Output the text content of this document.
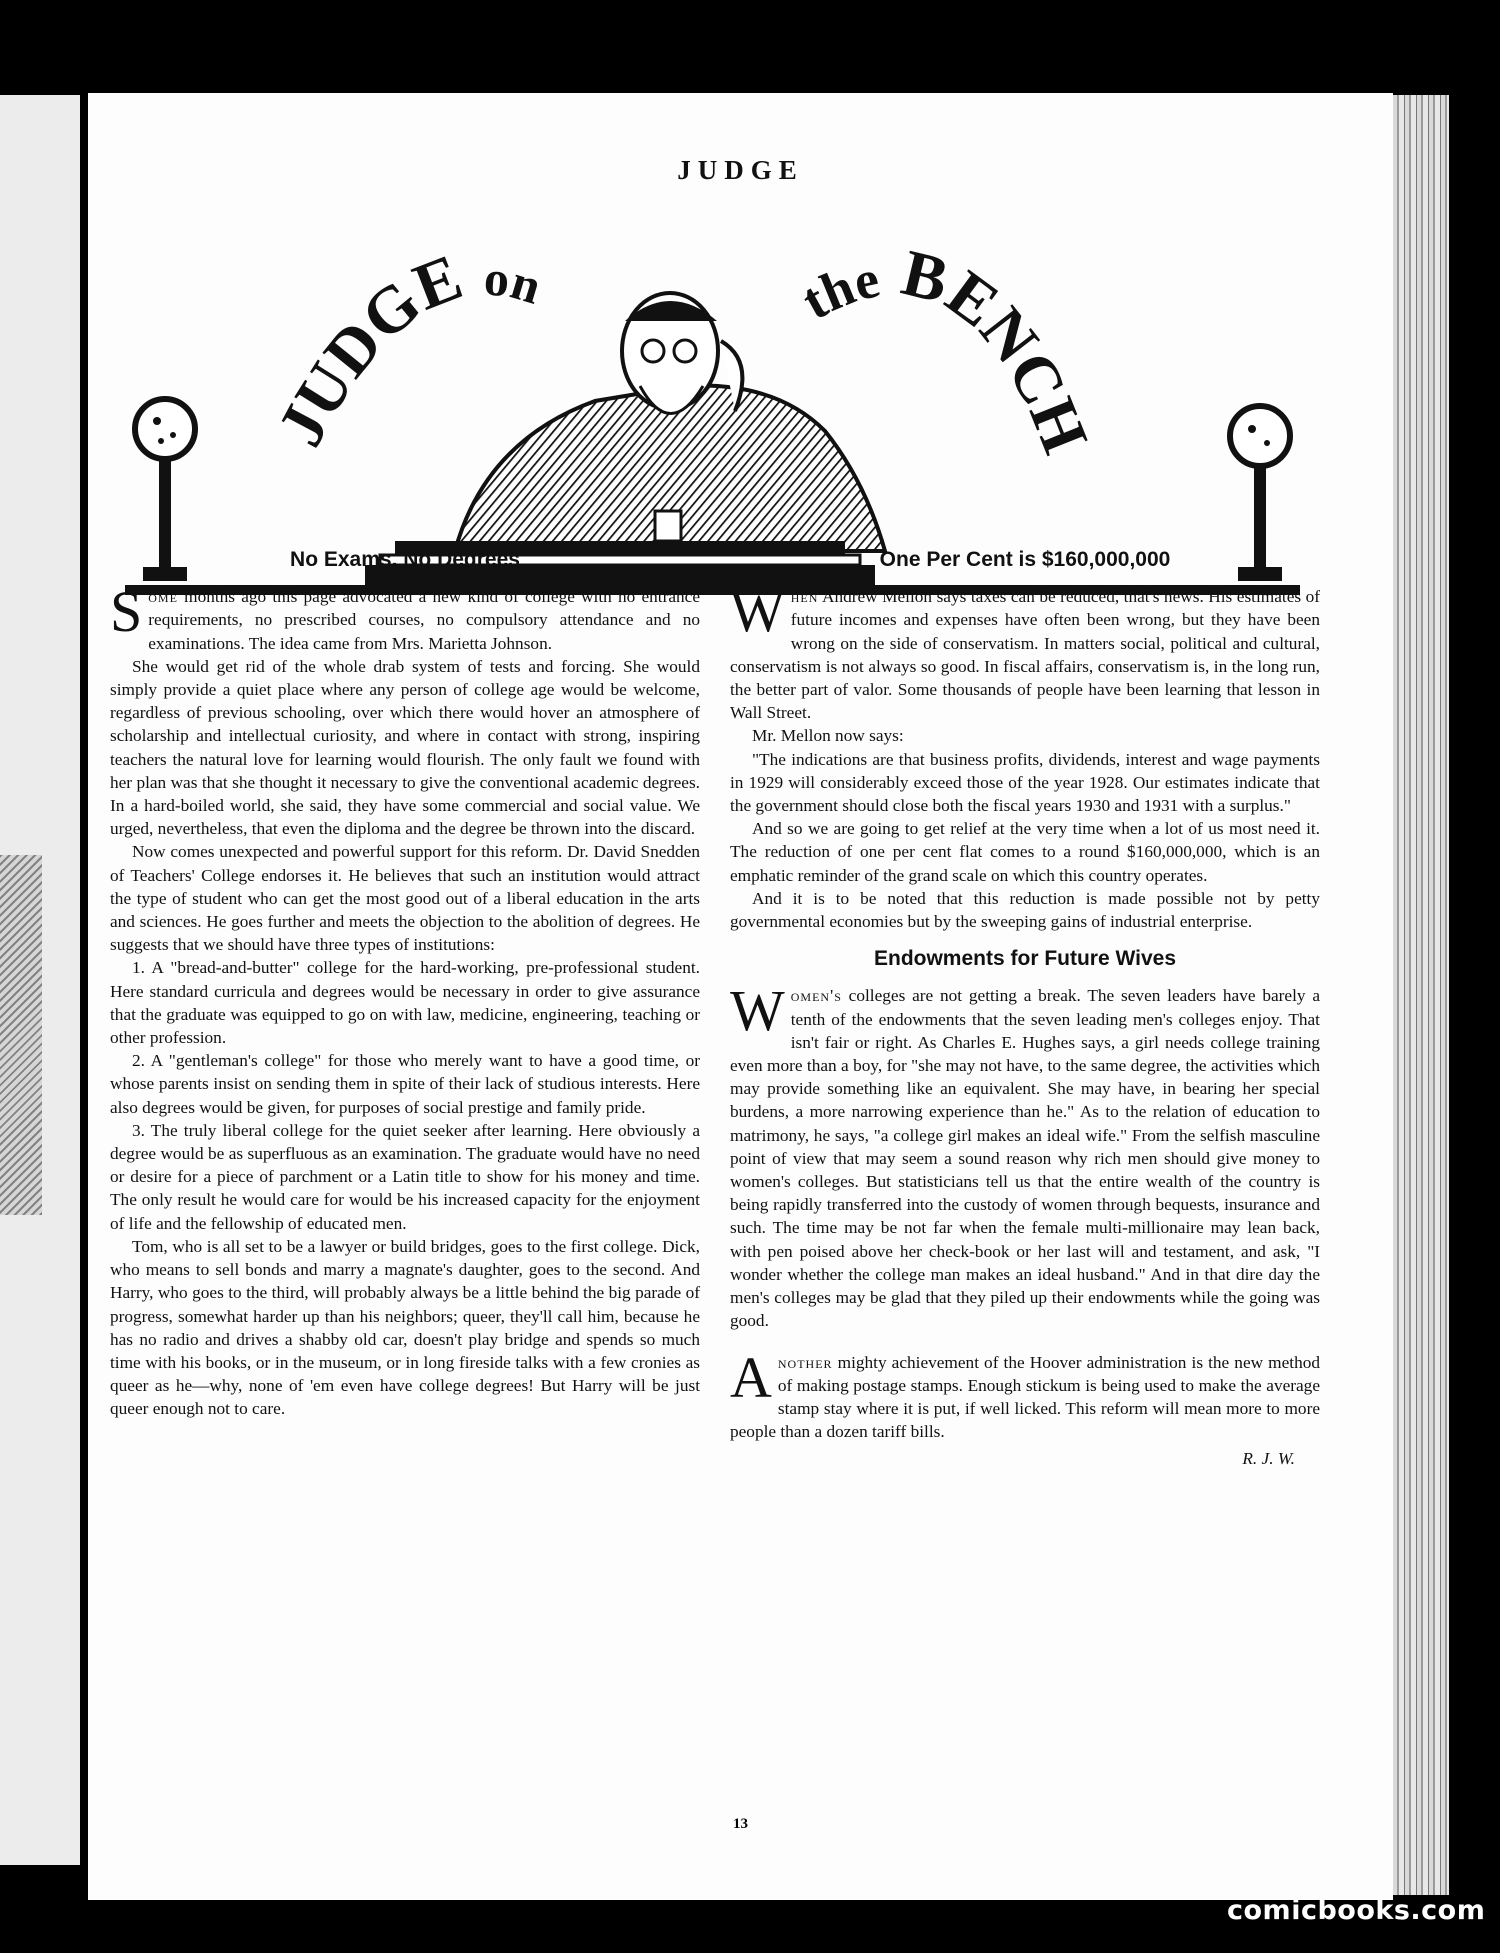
JUDGE
JUDGE on	the BENCH
No Exams, No Degrees

Some months ago this page advocated a new kind of college with no entrance requirements, no prescribed courses, no compulsory attendance and no examinations. The idea came from Mrs. Marietta Johnson.

She would get rid of the whole drab system of tests and forcing. She would simply provide a quiet place where any person of college age would be welcome, regardless of previous schooling, over which there would hover an atmosphere of scholarship and intellectual curiosity, and where in contact with strong, inspiring teachers the natural love for learning would flourish. The only fault we found with her plan was that she thought it necessary to give the conventional academic degrees. In a hard-boiled world, she said, they have some commercial and social value. We urged, nevertheless, that even the diploma and the degree be thrown into the discard.

Now comes unexpected and powerful support for this reform. Dr. David Snedden of Teachers' College endorses it. He believes that such an institution would attract the type of student who can get the most good out of a liberal education in the arts and sciences. He goes further and meets the objection to the abolition of degrees. He suggests that we should have three types of institutions:

1. A "bread-and-butter" college for the hard-working, pre-professional student. Here standard curricula and degrees would be necessary in order to give assurance that the graduate was equipped to go on with law, medicine, engineering, teaching or other profession.

2. A "gentleman's college" for those who merely want to have a good time, or whose parents insist on sending them in spite of their lack of studious interests. Here also degrees would be given, for purposes of social prestige and family pride.

3. The truly liberal college for the quiet seeker after learning. Here obviously a degree would be as superfluous as an examination. The graduate would have no need or desire for a piece of parchment or a Latin title to show for his money and time. The only result he would care for would be his increased capacity for the enjoyment of life and the fellowship of educated men.

Tom, who is all set to be a lawyer or build bridges, goes to the first college. Dick, who means to sell bonds and marry a magnate's daughter, goes to the second. And Harry, who goes to the third, will probably always be a little behind the big parade of progress, somewhat harder up than his neighbors; queer, they'll call him, because he has no radio and drives a shabby old car, doesn't play bridge and spends so much time with his books, or in the museum, or in long fireside talks with a few cronies as queer as he—why, none of 'em even have college degrees! But Harry will be just queer enough not to care.

One Per Cent is $160,000,000

When Andrew Mellon says taxes can be reduced, that's news. His estimates of future incomes and expenses have often been wrong, but they have been wrong on the side of conservatism. In matters social, political and cultural, conservatism is not always so good. In fiscal affairs, conservatism is, in the long run, the better part of valor. Some thousands of people have been learning that lesson in Wall Street.

Mr. Mellon now says:

"The indications are that business profits, dividends, interest and wage payments in 1929 will considerably exceed those of the year 1928. Our estimates indicate that the government should close both the fiscal years 1930 and 1931 with a surplus."

And so we are going to get relief at the very time when a lot of us most need it. The reduction of one per cent flat comes to a round $160,000,000, which is an emphatic reminder of the grand scale on which this country operates.

And it is to be noted that this reduction is made possible not by petty governmental economies but by the sweeping gains of industrial enterprise.

Endowments for Future Wives

Women's colleges are not getting a break. The seven leaders have barely a tenth of the endowments that the seven leading men's colleges enjoy. That isn't fair or right. As Charles E. Hughes says, a girl needs college training even more than a boy, for "she may not have, to the same degree, the activities which may provide something like an equivalent. She may have, in bearing her special burdens, a more narrowing experience than he." As to the relation of education to matrimony, he says, "a college girl makes an ideal wife." From the selfish masculine point of view that may seem a sound reason why rich men should give money to women's colleges. But statisticians tell us that the entire wealth of the country is being rapidly transferred into the custody of women through bequests, insurance and such. The time may be not far when the female multi-millionaire may lean back, with pen poised above her check-book or her last will and testament, and ask, "I wonder whether the college man makes an ideal husband." And in that dire day the men's colleges may be glad that they piled up their endowments while the going was good.

Another mighty achievement of the Hoover administration is the new method of making postage stamps. Enough stickum is being used to make the average stamp stay where it is put, if well licked. This reform will mean more to more people than a dozen tariff bills.

R. J. W.
13
comicbooks.com
